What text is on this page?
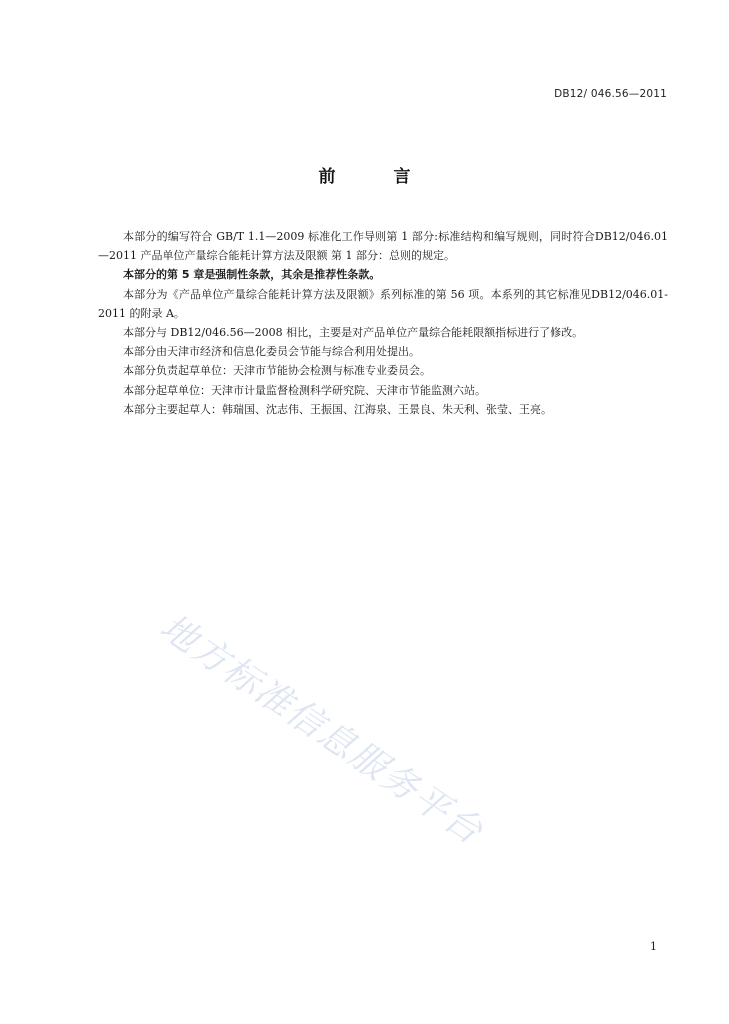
DB12/ 046.56—2011
前 言

本部分的编写符合 GB/T 1.1—2009 标准化工作导则第 1 部分:标准结构和编写规则，同时符合DB12/046.01—2011 产品单位产量综合能耗计算方法及限额 第 1 部分：总则的规定。

本部分的第 5 章是强制性条款，其余是推荐性条款。

本部分为《产品单位产量综合能耗计算方法及限额》系列标准的第 56 项。本系列的其它标准见DB12/046.01-2011 的附录 A。

本部分与 DB12/046.56—2008 相比，主要是对产品单位产量综合能耗限额指标进行了修改。

本部分由天津市经济和信息化委员会节能与综合利用处提出。

本部分负责起草单位：天津市节能协会检测与标准专业委员会。

本部分起草单位：天津市计量监督检测科学研究院、天津市节能监测六站。

本部分主要起草人：韩瑞国、沈志伟、王振国、江海泉、王景良、朱天利、张莹、王亮。

地方标准信息服务平台
1
